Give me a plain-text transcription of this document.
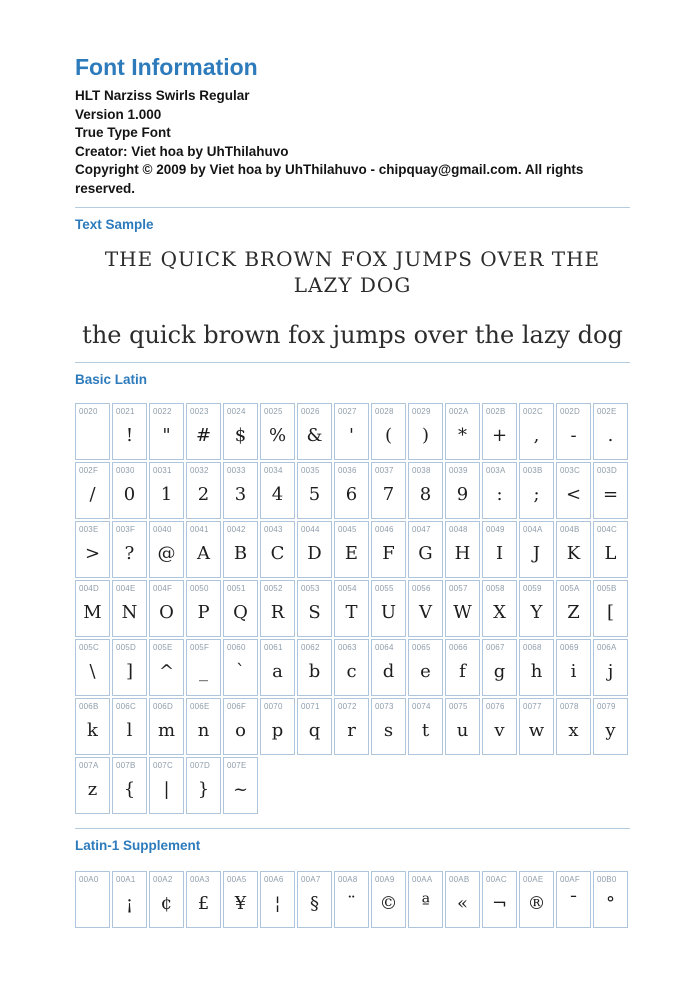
Font Information

HLT Narziss Swirls Regular

Version 1.000

True Type Font

Creator: Viet hoa by UhThilahuvo

Copyright © 2009 by Viet hoa by UhThilahuvo - chipquay@gmail.com. All rights reserved.

Text Sample
THE QUICK BROWN FOX JUMPS OVER THE LAZY DOG
the quick brown fox jumps over the lazy dog
Basic Latin
0020	0021
!
0022
"
0023
#
0024
$
0025
%
0026
&
0027
'
0028
(
0029
)
002A
*
002B
+
002C
,
002D
-
002E
.
002F
/
0030
0
0031
1
0032
2
0033
3
0034
4
0035
5
0036
6
0037
7
0038
8
0039
9
003A
:
003B
;
003C
<
003D
=
003E
>
003F
?
0040
@
0041
A
0042
B
0043
C
0044
D
0045
E
0046
F
0047
G
0048
H
0049
I
004A
J
004B
K
004C
L
004D
M
004E
N
004F
O
0050
P
0051
Q
0052
R
0053
S
0054
T
0055
U
0056
V
0057
W
0058
X
0059
Y
005A
Z
005B
[
005C
\
005D
]
005E
^
005F
_
0060
`
0061
a
0062
b
0063
c
0064
d
0065
e
0066
f
0067
g
0068
h
0069
i
006A
j
006B
k
006C
l
006D
m
006E
n
006F
o
0070
p
0071
q
0072
r
0073
s
0074
t
0075
u
0076
v
0077
w
0078
x
0079
y
007A
z
007B
{
007C
|
007D
}
007E
~
Latin-1 Supplement
00A0	00A1
¡
00A2
¢
00A3
£
00A5
¥
00A6
¦
00A7
§
00A8
¨
00A9
©
00AA
ª
00AB
«
00AC
¬
00AE
®
00AF
¯
00B0
°
